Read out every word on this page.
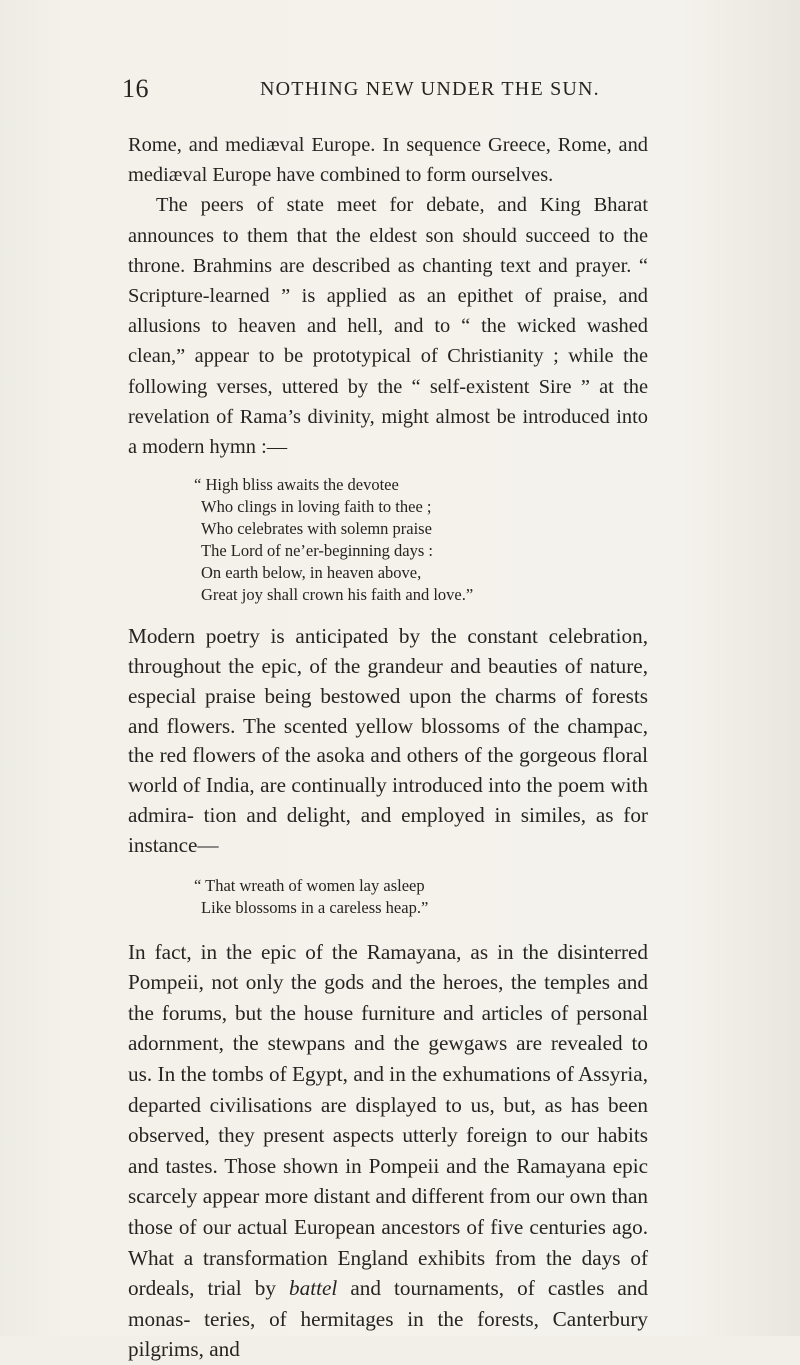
16	NOTHING NEW UNDER THE SUN.

Rome, and mediæval Europe. In sequence Greece, Rome, and mediæval Europe have combined to form ourselves.
The peers of state meet for debate, and King Bharat announces to them that the eldest son should succeed to the throne. Brahmins are described as chanting text and prayer. “ Scripture-learned ” is applied as an epithet of praise, and allusions to heaven and hell, and to “ the wicked washed clean,” appear to be prototypical of Christianity ; while the following verses, uttered by the “ self-existent Sire ” at the revelation of Rama’s divinity, might almost be introduced into a modern hymn :—

“ High bliss awaits the devotee
Who clings in loving faith to thee ;
Who celebrates with solemn praise
The Lord of ne’er-beginning days :
On earth below, in heaven above,
Great joy shall crown his faith and love.”

Modern poetry is anticipated by the constant celebration, throughout the epic, of the grandeur and beauties of nature, especial praise being bestowed upon the charms of forests and flowers. The scented yellow blossoms of the champac, the red flowers of the asoka and others of the gorgeous floral world of India, are continually introduced into the poem with admira- tion and delight, and employed in similes, as for instance—

“ That wreath of women lay asleep
Like blossoms in a careless heap.”

In fact, in the epic of the Ramayana, as in the disinterred Pompeii, not only the gods and the heroes, the temples and the forums, but the house furniture and articles of personal adornment, the stewpans and the gewgaws are revealed to us. In the tombs of Egypt, and in the exhumations of Assyria, departed civilisations are displayed to us, but, as has been observed, they present aspects utterly foreign to our habits and tastes. Those shown in Pompeii and the Ramayana epic scarcely appear more distant and different from our own than those of our actual European ancestors of five centuries ago. What a transformation England exhibits from the days of ordeals, trial by battel and tournaments, of castles and monas- teries, of hermitages in the forests, Canterbury pilgrims, and
